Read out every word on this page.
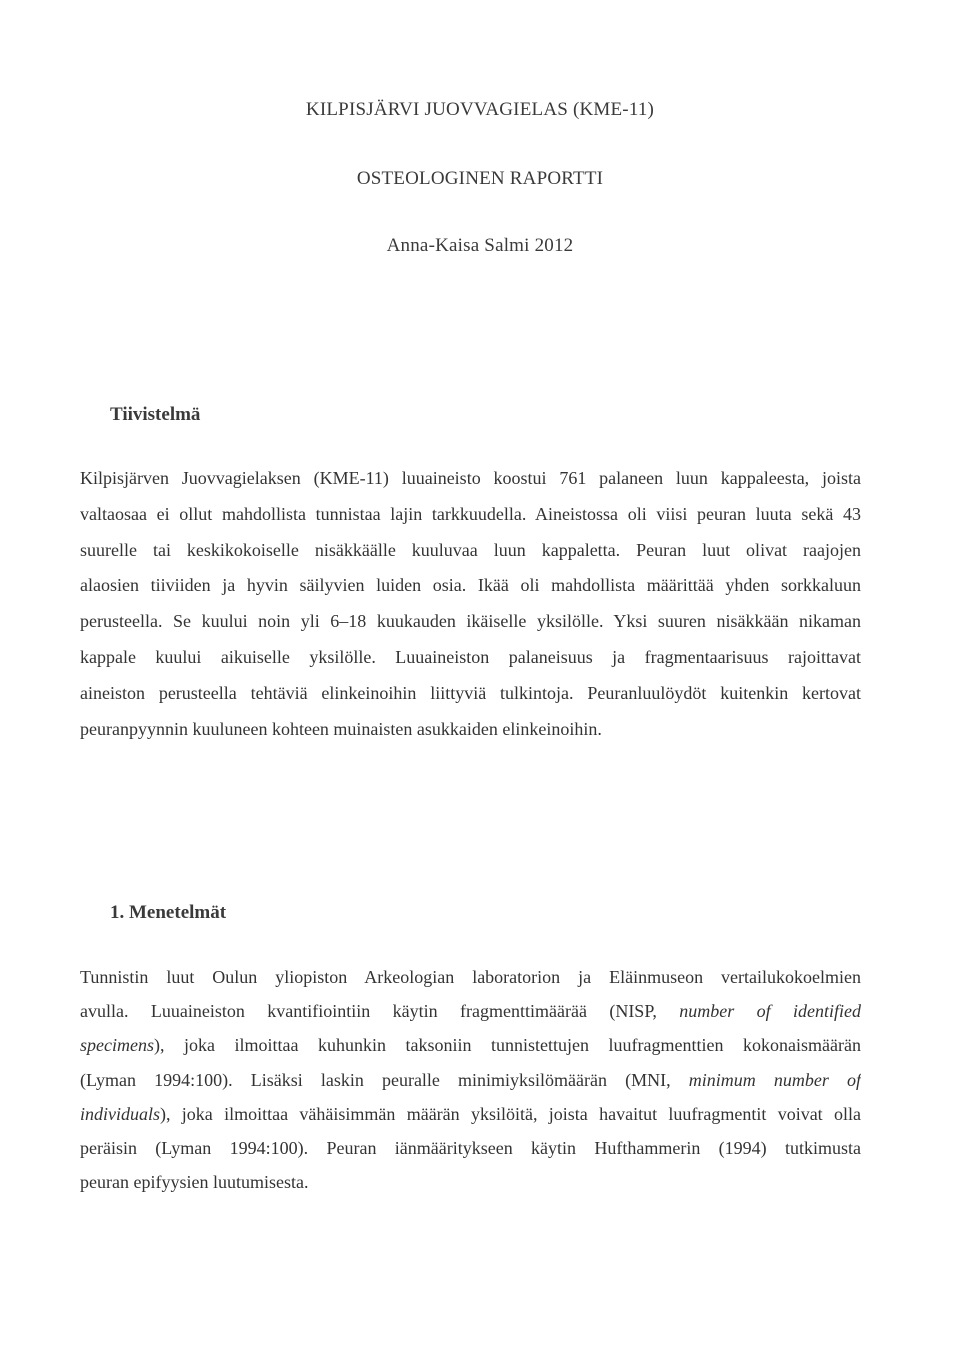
KILPISJÄRVI JUOVVAGIELAS (KME-11)
OSTEOLOGINEN RAPORTTI
Anna-Kaisa Salmi 2012
Tiivistelmä
Kilpisjärven Juovvagielaksen (KME-11) luuaineisto koostui 761 palaneen luun kappaleesta, joista
valtaosaa ei ollut mahdollista tunnistaa lajin tarkkuudella. Aineistossa oli viisi peuran luuta sekä 43
suurelle tai keskikokoiselle nisäkkäälle kuuluvaa luun kappaletta. Peuran luut olivat raajojen
alaosien tiiviiden ja hyvin säilyvien luiden osia. Ikää oli mahdollista määrittää yhden sorkkaluun
perusteella. Se kuului noin yli 6–18 kuukauden ikäiselle yksilölle. Yksi suuren nisäkkään nikaman
kappale kuului aikuiselle yksilölle. Luuaineiston palaneisuus ja fragmentaarisuus rajoittavat
aineiston perusteella tehtäviä elinkeinoihin liittyviä tulkintoja. Peuranluulöydöt kuitenkin kertovat
peuranpyynnin kuuluneen kohteen muinaisten asukkaiden elinkeinoihin.
1. Menetelmät
Tunnistin luut Oulun yliopiston Arkeologian laboratorion ja Eläinmuseon vertailukokoelmien
avulla. Luuaineiston kvantifiointiin käytin fragmenttimäärää (NISP, number of identified
specimens), joka ilmoittaa kuhunkin taksoniin tunnistettujen luufragmenttien kokonaismäärän
(Lyman 1994:100). Lisäksi laskin peuralle minimiyksilömäärän (MNI, minimum number of
individuals), joka ilmoittaa vähäisimmän määrän yksilöitä, joista havaitut luufragmentit voivat olla
peräisin (Lyman 1994:100). Peuran iänmääritykseen käytin Hufthammerin (1994) tutkimusta
peuran epifyysien luutumisesta.
